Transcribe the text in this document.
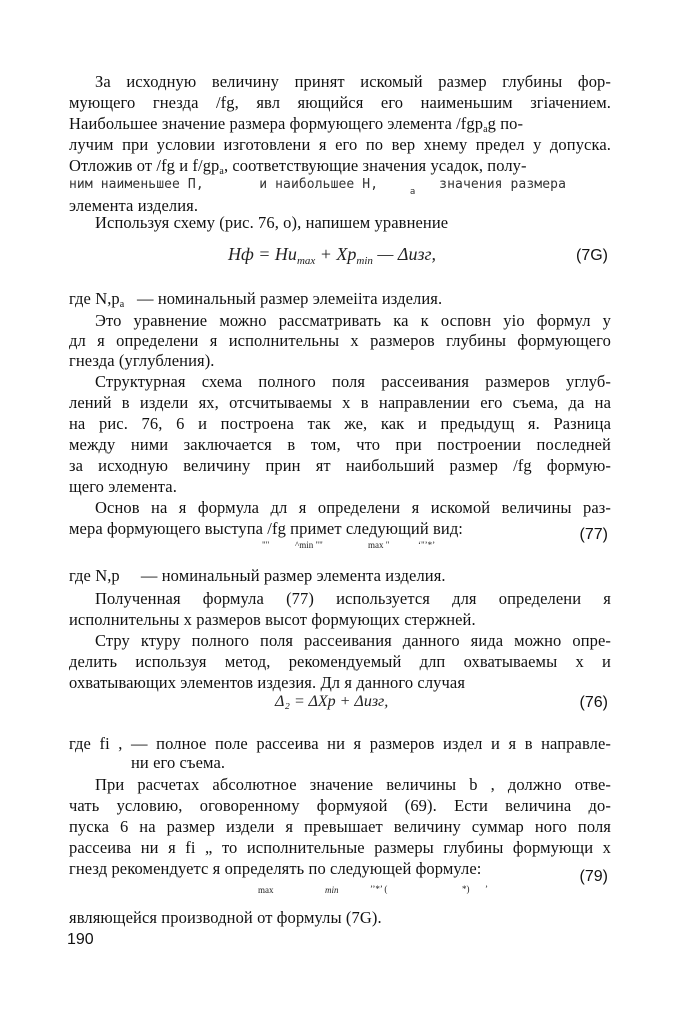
За исходную величину принят искомый размер глубины фор-
мующего гнезда /fg, явл яющийся его наименьшим згiачением.
Наибольшее значение размера формующего элемента /fgp$_a$g по-
лучим при условии изготовлени я его по вер хнему предел у допуска.
Отложив от /fg и $f/gp_a$, соответствующие значения усадок, полу-
ним наименьшее П,       и наибольшее Н,    $_a$   значения размера
элемента изделия.
Используя схему (рис. 76, о), напишем уравнение
Hф = $Hu_{max} + Xp_{min}$ — Δизг,	(7G)
где $N,p_a$ — номинальный размер элемеiiта изделия.
Это уравнение можно рассматривать ка к осповн yio формул у
дл я определени я исполнительны х размеров глубины формующего
гнезда (углубления).
Структурная схема полного поля рассеивания размеров углуб-
лений в издели ях, отсчитываемы х в направлении его съема, да на
на рис. 76, 6 и построена так же, как и предыдущ я. Разница
между ними заключается в том, что при построении последней
за исходную величину прин ят наибольший размер /fg формую-
щего элемента.
Основ на я формула дл я определени я искомой величины раз-
мера формующего выступа /fg примет следующий вид:
""	^min ""	max "	‘"’*’
(77)
где N,p — номинальный размер элемента изделия.
Полученная формула (77) используется для определени я
исполнительны х размеров высот формующих стержней.
Стру ктуру полного поля рассеивания данного яида можно опре-
делить используя метод, рекомендуемый длп охватываемы х и
охватывающих элементов издезия. Дл я данного случая
Δ₂ = ΔXp + Δизг,	(76)
где fi , — полное поле рассеива ни я размеров издел и я в направле-
ни его съема.
При расчетах абсолютное значение величины b , должно отве-
чать условию, оговоренному формуяой (69). Ести величина до-
пуска 6 на размер издели я превышает величину суммар ного поля
рассеива ни я fi „ то исполнительные размеры глубины формующи х
гнезд рекомендуетс я определять по следующей формуле:
max	min	’’*’ (	*) ’
(79)
являющейся производной от формулы (7G).
190
